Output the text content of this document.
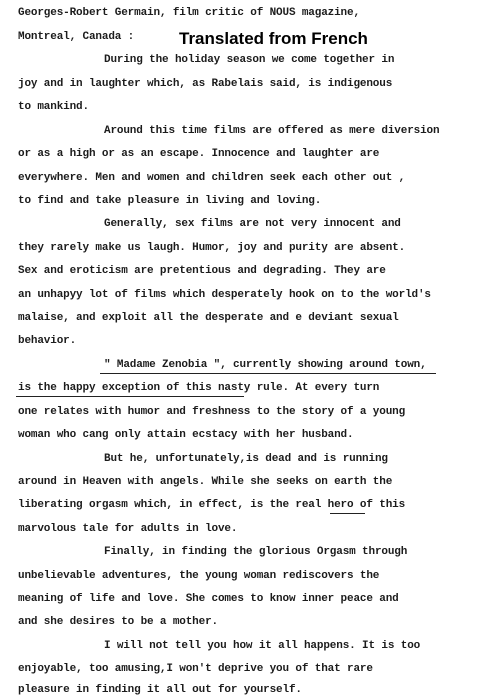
Georges-Robert Germain, film critic of NOUS magazine,
Montreal, Canada :	Translated from French
During the holiday season we come together in
joy and in laughter which, as Rabelais said, is indigenous
to mankind.
Around this time films are offered as mere diversion
or as a high or as an escape. Innocence and laughter are
everywhere. Men and women and children seek each other out ,
to find and take pleasure in living and loving.
Generally, sex films are not very innocent and
they rarely make us laugh. Humor, joy and purity are absent.
Sex and eroticism are pretentious and degrading. They are
an unhapyy lot of films which desperately hook on to the world's
malaise, and exploit all the desperate and e deviant sexual
behavior.
" Madame Zenobia ", currently showing around town,
is the happy exception of this nasty rule. At every turn
one relates with humor and freshness to the story of a young
woman who cang only attain ecstacy with her husband.
But he, unfortunately,is dead and is running
around in Heaven with angels. While she seeks on earth the
liberating orgasm which, in effect, is the real hero of this
marvolous tale for adults in love.
Finally, in finding the glorious Orgasm through
unbelievable adventures, the young woman rediscovers the
meaning of life and love. She comes to know inner peace and
and she desires to be a mother.
I will not tell you how it all happens. It is too
enjoyable, too amusing,I won't deprive you of that rare
pleasure in finding it all out for yourself.
